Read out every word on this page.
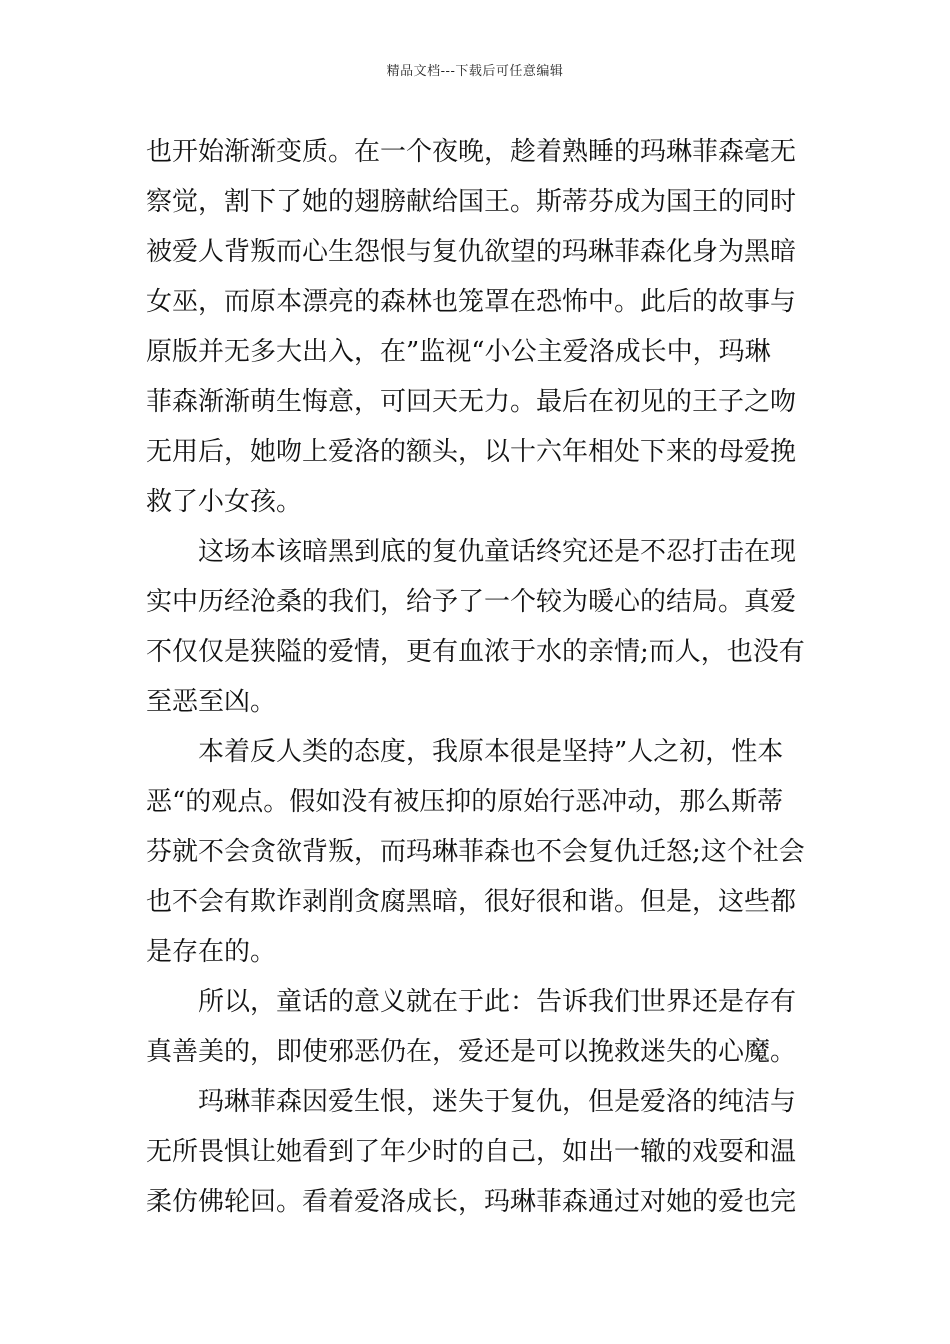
精品文档---下载后可任意编辑
也开始渐渐变质。在一个夜晚，趁着熟睡的玛琳菲森毫无
察觉，割下了她的翅膀献给国王。斯蒂芬成为国王的同时
被爱人背叛而心生怨恨与复仇欲望的玛琳菲森化身为黑暗
女巫，而原本漂亮的森林也笼罩在恐怖中。此后的故事与
原版并无多大出入，在”监视“小公主爱洛成长中，玛琳
菲森渐渐萌生悔意，可回天无力。最后在初见的王子之吻
无用后，她吻上爱洛的额头，以十六年相处下来的母爱挽
救了小女孩。
这场本该暗黑到底的复仇童话终究还是不忍打击在现
实中历经沧桑的我们，给予了一个较为暖心的结局。真爱
不仅仅是狭隘的爱情，更有血浓于水的亲情;而人，也没有
至恶至凶。
本着反人类的态度，我原本很是坚持”人之初，性本
恶“的观点。假如没有被压抑的原始行恶冲动，那么斯蒂
芬就不会贪欲背叛，而玛琳菲森也不会复仇迁怒;这个社会
也不会有欺诈剥削贪腐黑暗，很好很和谐。但是，这些都
是存在的。
所以，童话的意义就在于此：告诉我们世界还是存有
真善美的，即使邪恶仍在，爱还是可以挽救迷失的心魔。
玛琳菲森因爱生恨，迷失于复仇，但是爱洛的纯洁与
无所畏惧让她看到了年少时的自己，如出一辙的戏耍和温
柔仿佛轮回。看着爱洛成长，玛琳菲森通过对她的爱也完
